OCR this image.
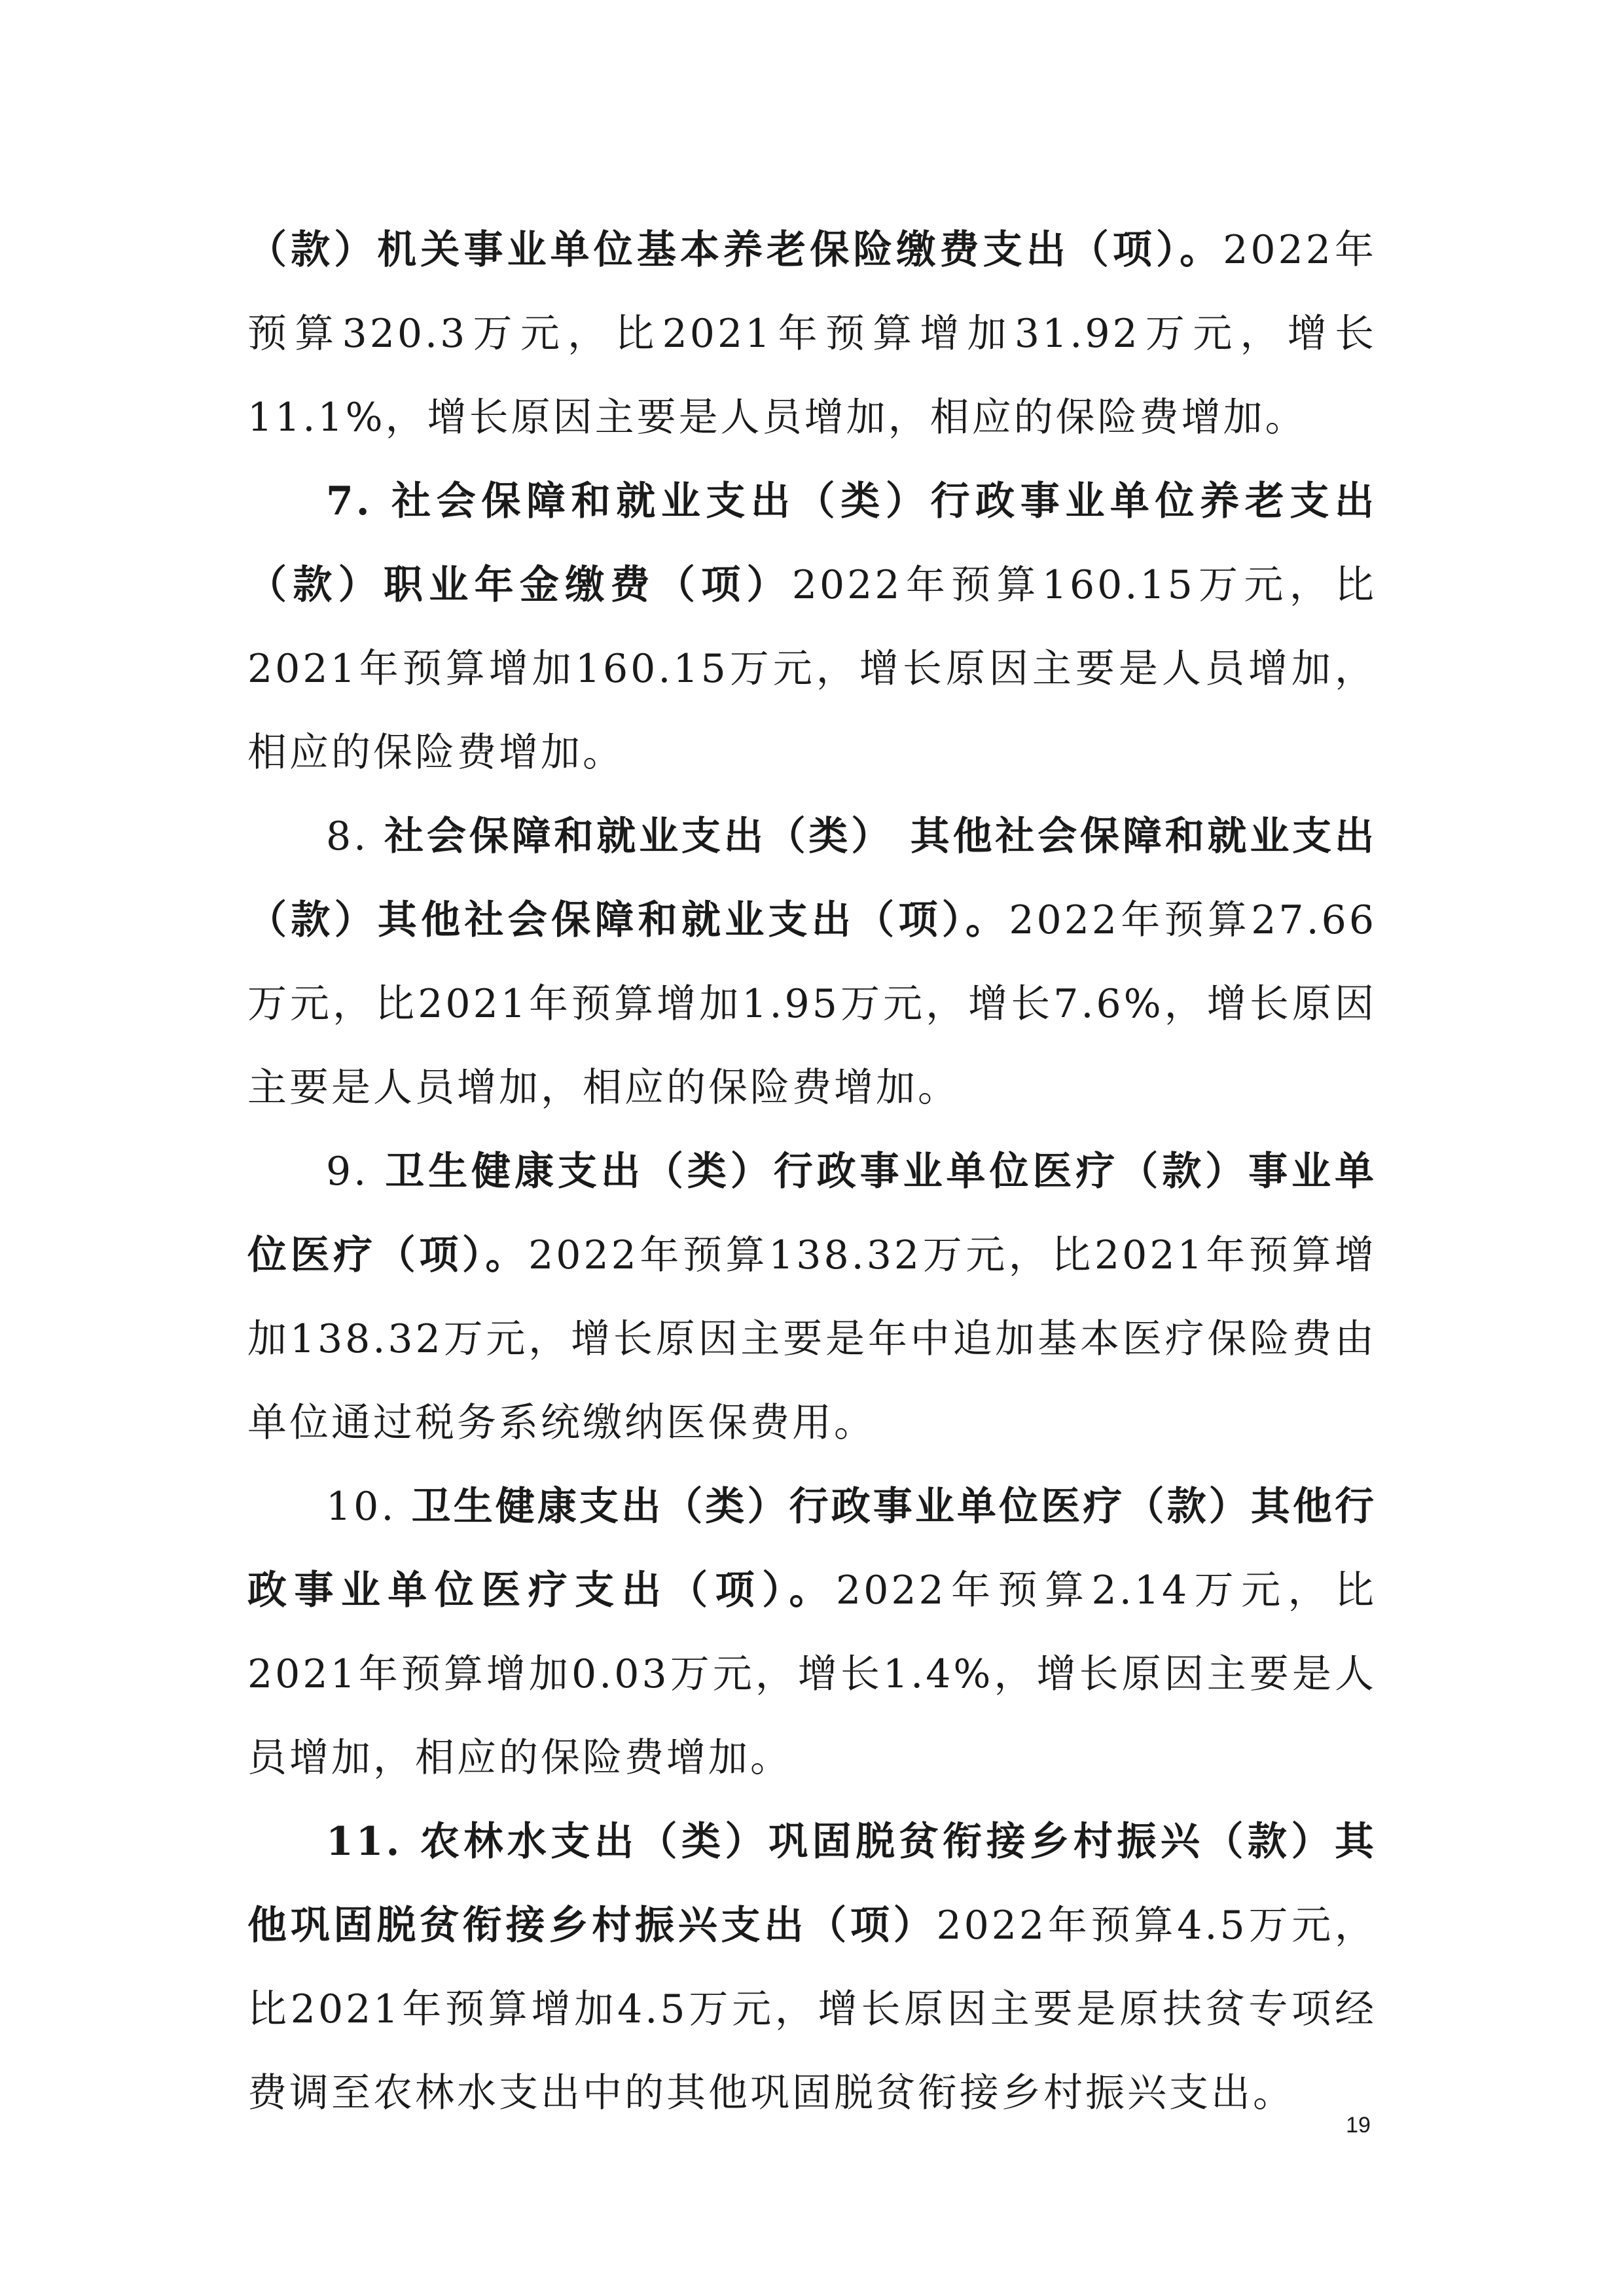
（款）机关事业单位基本养老保险缴费支出（项）。2022年预算320.3万元，比2021年预算增加31.92万元，增长11.1%，增长原因主要是人员增加，相应的保险费增加。

7. 社会保障和就业支出（类）行政事业单位养老支出（款）职业年金缴费（项）2022年预算160.15万元，比2021年预算增加160.15万元，增长原因主要是人员增加，相应的保险费增加。

8. 社会保障和就业支出（类） 其他社会保障和就业支出（款）其他社会保障和就业支出（项）。2022年预算27.66万元，比2021年预算增加1.95万元，增长7.6%，增长原因主要是人员增加，相应的保险费增加。

9. 卫生健康支出（类）行政事业单位医疗（款）事业单位医疗（项）。2022年预算138.32万元，比2021年预算增加138.32万元，增长原因主要是年中追加基本医疗保险费由单位通过税务系统缴纳医保费用。

10. 卫生健康支出（类）行政事业单位医疗（款）其他行政事业单位医疗支出（项）。2022年预算2.14万元，比2021年预算增加0.03万元，增长1.4%，增长原因主要是人员增加，相应的保险费增加。

11. 农林水支出（类）巩固脱贫衔接乡村振兴（款）其他巩固脱贫衔接乡村振兴支出（项）2022年预算4.5万元，比2021年预算增加4.5万元，增长原因主要是原扶贫专项经费调至农林水支出中的其他巩固脱贫衔接乡村振兴支出。

19
